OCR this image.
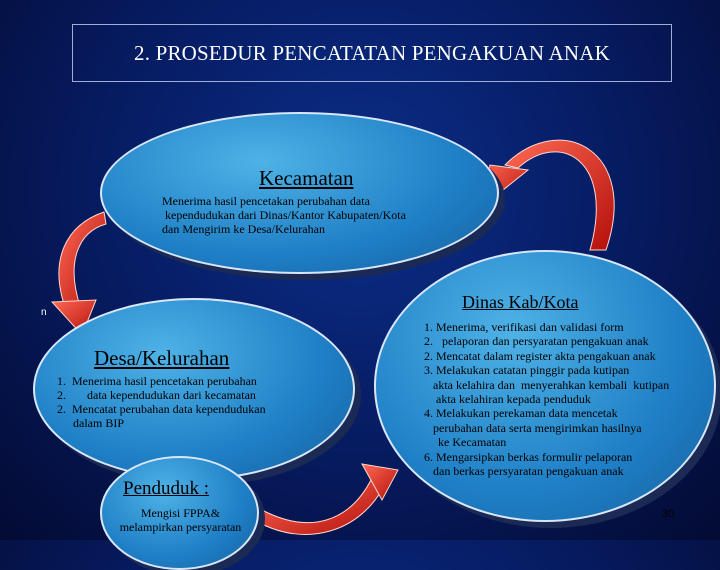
2. PROSEDUR PENCATATAN PENGAKUAN ANAK
Kecamatan
Menerima hasil pencetakan perubahan data
kependudukan dari Dinas/Kantor Kabupaten/Kota
dan Mengirim ke Desa/Kelurahan
Desa/Kelurahan
1.  Menerima hasil pencetakan perubahan
2.       data kependudukan dari kecamatan
2.  Mencatat perubahan data kependudukan
dalam BIP
Penduduk :
Mengisi FPPA&
melampirkan persyaratan
Dinas Kab/Kota
1. Menerima, verifikasi dan validasi form
2.   pelaporan dan persyaratan pengakuan anak
2. Mencatat dalam register akta pengakuan anak
3. Melakukan catatan pinggir pada kutipan
akta kelahira dan  menyerahkan kembali  kutipan
akta kelahiran kepada penduduk
4. Melakukan perekaman data mencetak
perubahan data serta mengirimkan hasilnya
ke Kecamatan
6. Mengarsipkan berkas formulir pelaporan
dan berkas persyaratan pengakuan anak
30
n
